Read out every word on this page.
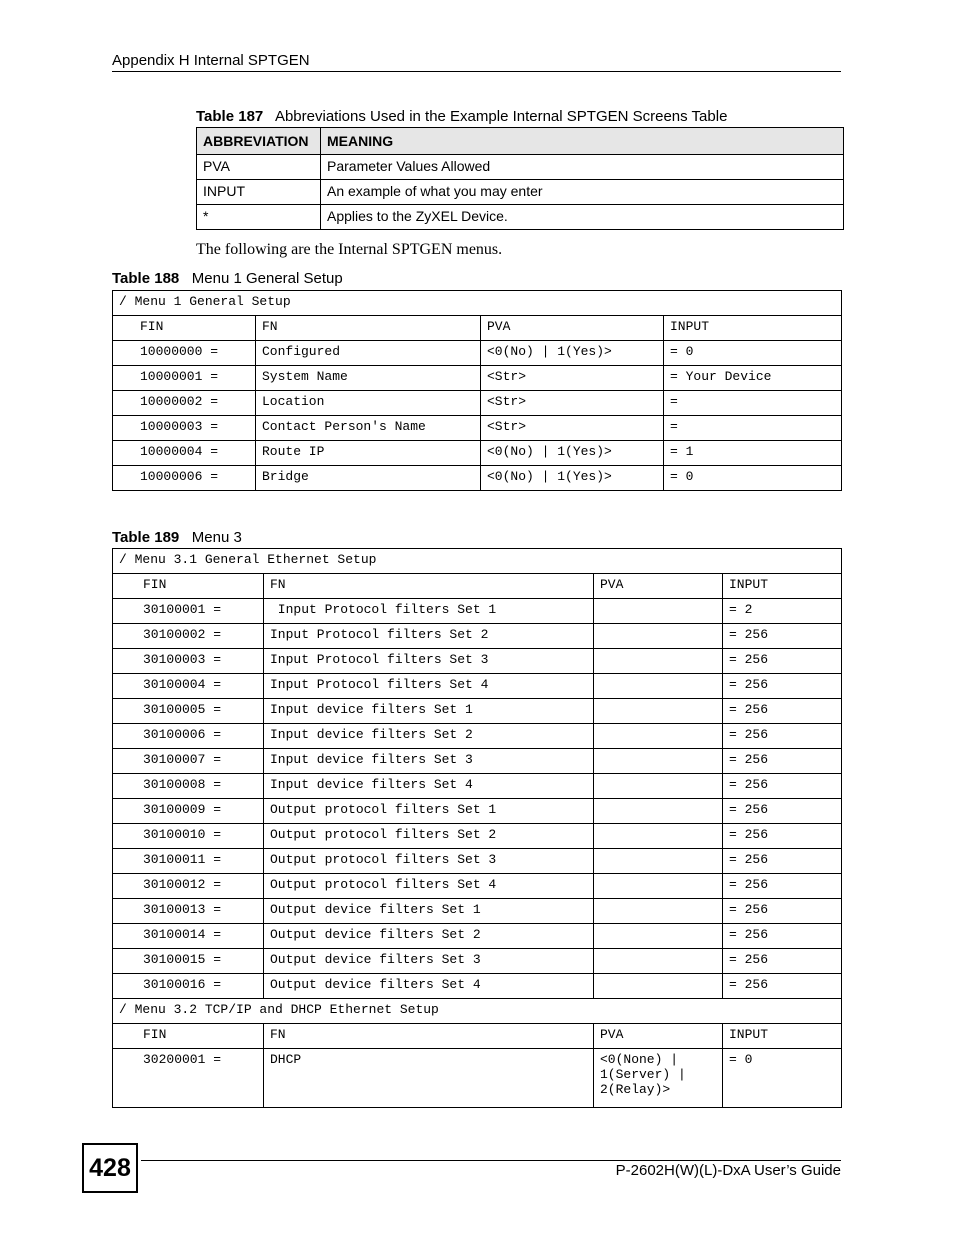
Appendix H Internal SPTGEN
Table 187 Abbreviations Used in the Example Internal SPTGEN Screens Table
ABBREVIATION	MEANING
PVA	Parameter Values Allowed
INPUT	An example of what you may enter
*	Applies to the ZyXEL Device.
The following are the Internal SPTGEN menus.
Table 188 Menu 1 General Setup
/ Menu 1 General Setup			
FIN	FN	PVA	INPUT
10000000 =	Configured	<0(No) | 1(Yes)>	= 0
10000001 =	System Name	<Str>	= Your Device
10000002 =	Location	<Str>	=
10000003 =	Contact Person's Name	<Str>	=
10000004 =	Route IP	<0(No) | 1(Yes)>	= 1
10000006 =	Bridge	<0(No) | 1(Yes)>	= 0
Table 189 Menu 3
/ Menu 3.1 General Ethernet Setup			
FIN	FN	PVA	INPUT
30100001 =	Input Protocol filters Set 1		= 2
30100002 =	Input Protocol filters Set 2		= 256
30100003 =	Input Protocol filters Set 3		= 256
30100004 =	Input Protocol filters Set 4		= 256
30100005 =	Input device filters Set 1		= 256
30100006 =	Input device filters Set 2		= 256
30100007 =	Input device filters Set 3		= 256
30100008 =	Input device filters Set 4		= 256
30100009 =	Output protocol filters Set 1		= 256
30100010 =	Output protocol filters Set 2		= 256
30100011 =	Output protocol filters Set 3		= 256
30100012 =	Output protocol filters Set 4		= 256
30100013 =	Output device filters Set 1		= 256
30100014 =	Output device filters Set 2		= 256
30100015 =	Output device filters Set 3		= 256
30100016 =	Output device filters Set 4		= 256
/ Menu 3.2 TCP/IP and DHCP Ethernet Setup			
FIN	FN	PVA	INPUT
30200001 =	DHCP	<0(None) |
1(Server) |
2(Relay)>	= 0
428	P-2602H(W)(L)-DxA User’s Guide
